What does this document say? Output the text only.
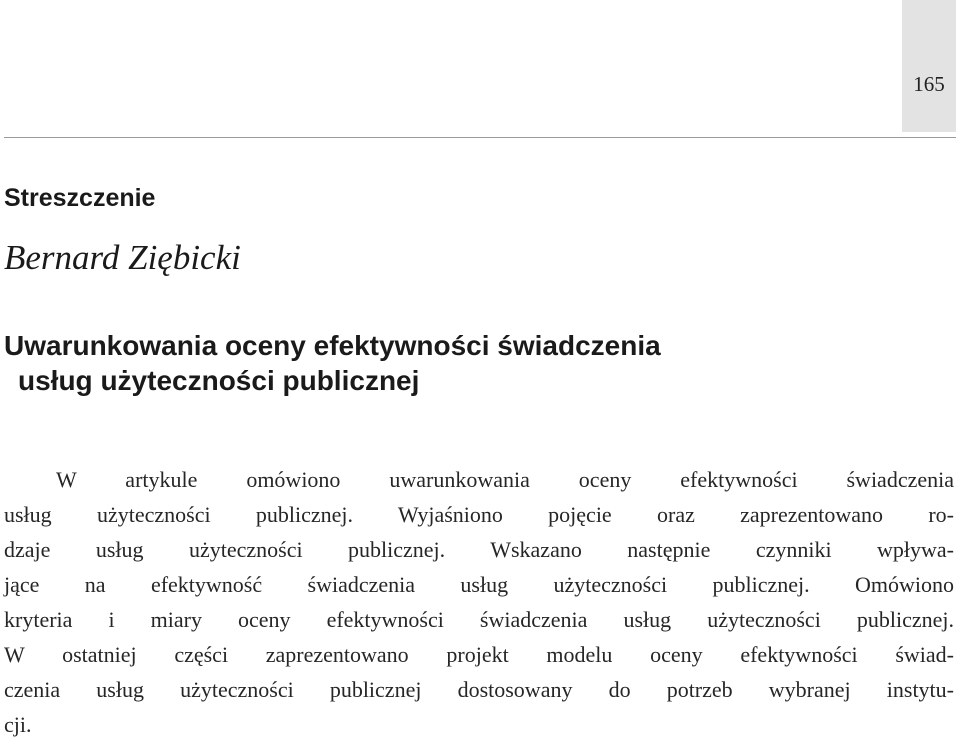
165
Streszczenie
Bernard Ziębicki
Uwarunkowania oceny efektywności świadczenia
usług użyteczności publicznej
W artykule omówiono uwarunkowania oceny efektywności świadczenia
usług użyteczności publicznej. Wyjaśniono pojęcie oraz zaprezentowano ro-
dzaje usług użyteczności publicznej. Wskazano następnie czynniki wpływa-
jące na efektywność świadczenia usług użyteczności publicznej. Omówiono
kryteria i miary oceny efektywności świadczenia usług użyteczności publicznej.
W ostatniej części zaprezentowano projekt modelu oceny efektywności świad-
czenia usług użyteczności publicznej dostosowany do potrzeb wybranej instytu-
cji.
